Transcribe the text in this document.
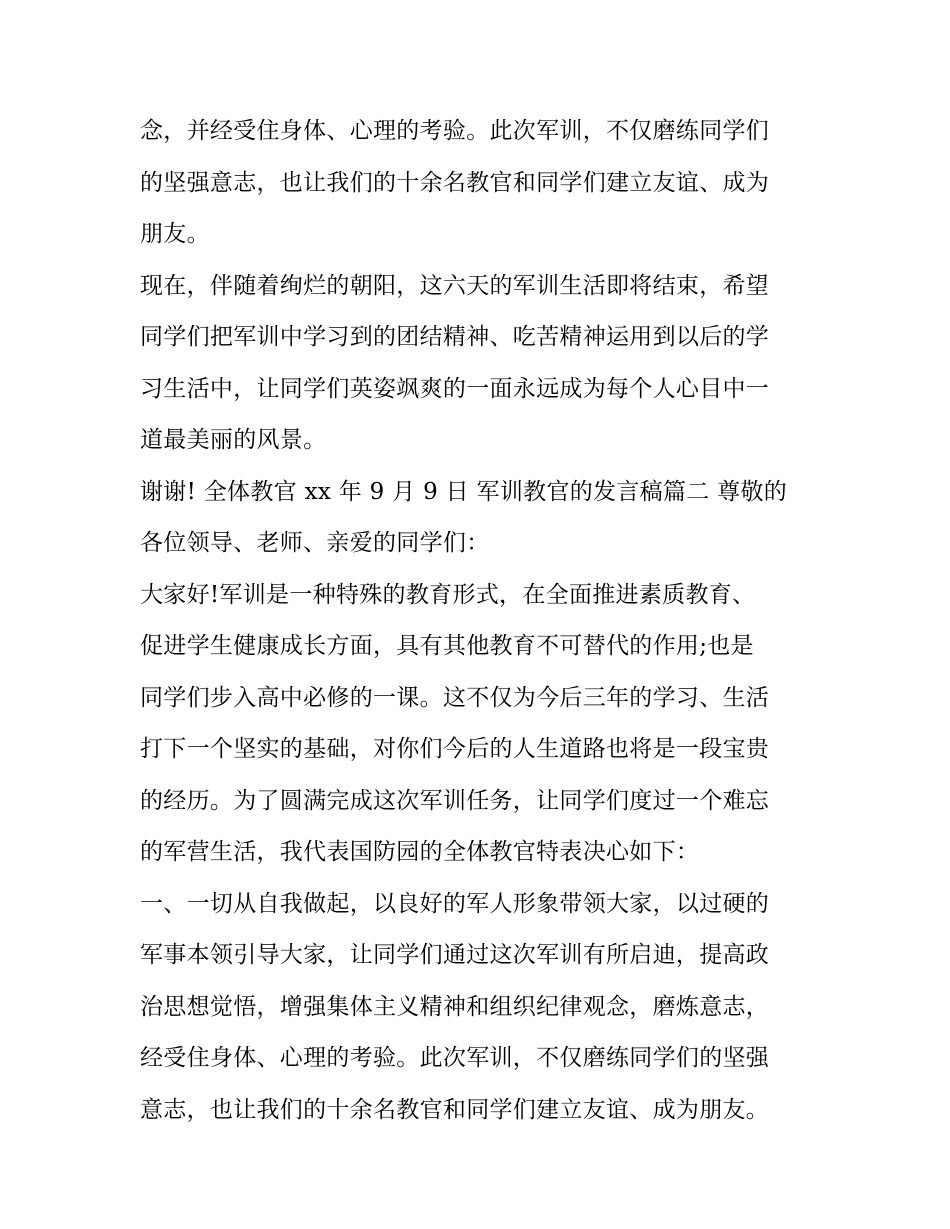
念，并经受住身体、心理的考验。此次军训，不仅磨练同学们
的坚强意志，也让我们的十余名教官和同学们建立友谊、成为
朋友。
现在，伴随着绚烂的朝阳，这六天的军训生活即将结束，希望
同学们把军训中学习到的团结精神、吃苦精神运用到以后的学
习生活中，让同学们英姿飒爽的一面永远成为每个人心目中一
道最美丽的风景。
谢谢! 全体教官 xx 年 9 月 9 日 军训教官的发言稿篇二 尊敬的
各位领导、老师、亲爱的同学们：
大家好!军训是一种特殊的教育形式，在全面推进素质教育、
促进学生健康成长方面，具有其他教育不可替代的作用;也是
同学们步入高中必修的一课。这不仅为今后三年的学习、生活
打下一个坚实的基础，对你们今后的人生道路也将是一段宝贵
的经历。为了圆满完成这次军训任务，让同学们度过一个难忘
的军营生活，我代表国防园的全体教官特表决心如下：
一、一切从自我做起，以良好的军人形象带领大家，以过硬的
军事本领引导大家，让同学们通过这次军训有所启迪，提高政
治思想觉悟，增强集体主义精神和组织纪律观念，磨炼意志，
经受住身体、心理的考验。此次军训，不仅磨练同学们的坚强
意志，也让我们的十余名教官和同学们建立友谊、成为朋友。
